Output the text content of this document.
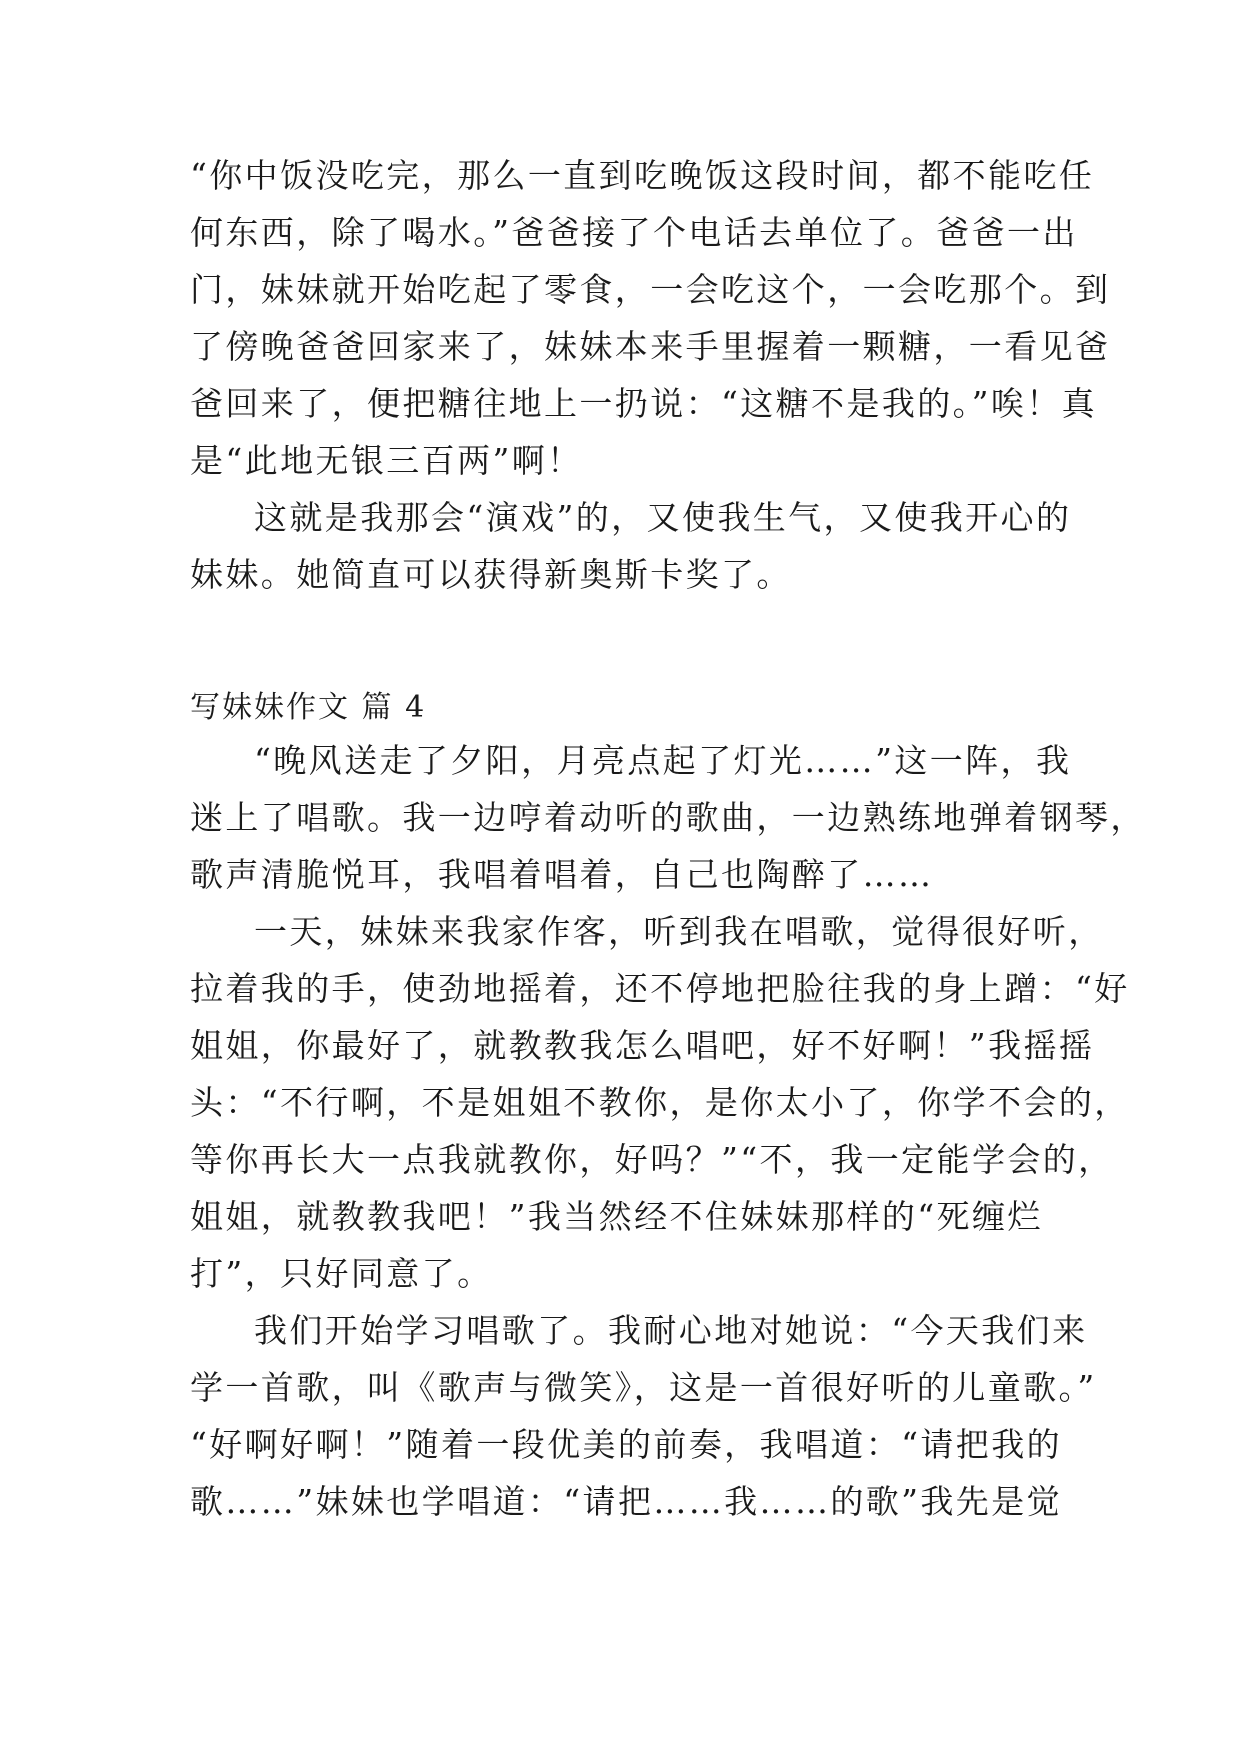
“你中饭没吃完，那么一直到吃晚饭这段时间，都不能吃任
何东西，除了喝水。”爸爸接了个电话去单位了。爸爸一出
门，妹妹就开始吃起了零食，一会吃这个，一会吃那个。到
了傍晚爸爸回家来了，妹妹本来手里握着一颗糖，一看见爸
爸回来了，便把糖往地上一扔说：“这糖不是我的。”唉！真
是“此地无银三百两”啊！
这就是我那会“演戏”的，又使我生气，又使我开心的
妹妹。她简直可以获得新奥斯卡奖了。
写妹妹作文 篇 4
“晚风送走了夕阳，月亮点起了灯光……”这一阵，我
迷上了唱歌。我一边哼着动听的歌曲，一边熟练地弹着钢琴，
歌声清脆悦耳，我唱着唱着，自己也陶醉了……
一天，妹妹来我家作客，听到我在唱歌，觉得很好听，
拉着我的手，使劲地摇着，还不停地把脸往我的身上蹭：“好
姐姐，你最好了，就教教我怎么唱吧，好不好啊！”我摇摇
头：“不行啊，不是姐姐不教你，是你太小了，你学不会的，
等你再长大一点我就教你，好吗？”“不，我一定能学会的，
姐姐，就教教我吧！”我当然经不住妹妹那样的“死缠烂
打”，只好同意了。
我们开始学习唱歌了。我耐心地对她说：“今天我们来
学一首歌，叫《歌声与微笑》，这是一首很好听的儿童歌。”
“好啊好啊！”随着一段优美的前奏，我唱道：“请把我的
歌……”妹妹也学唱道：“请把……我……的歌”我先是觉
